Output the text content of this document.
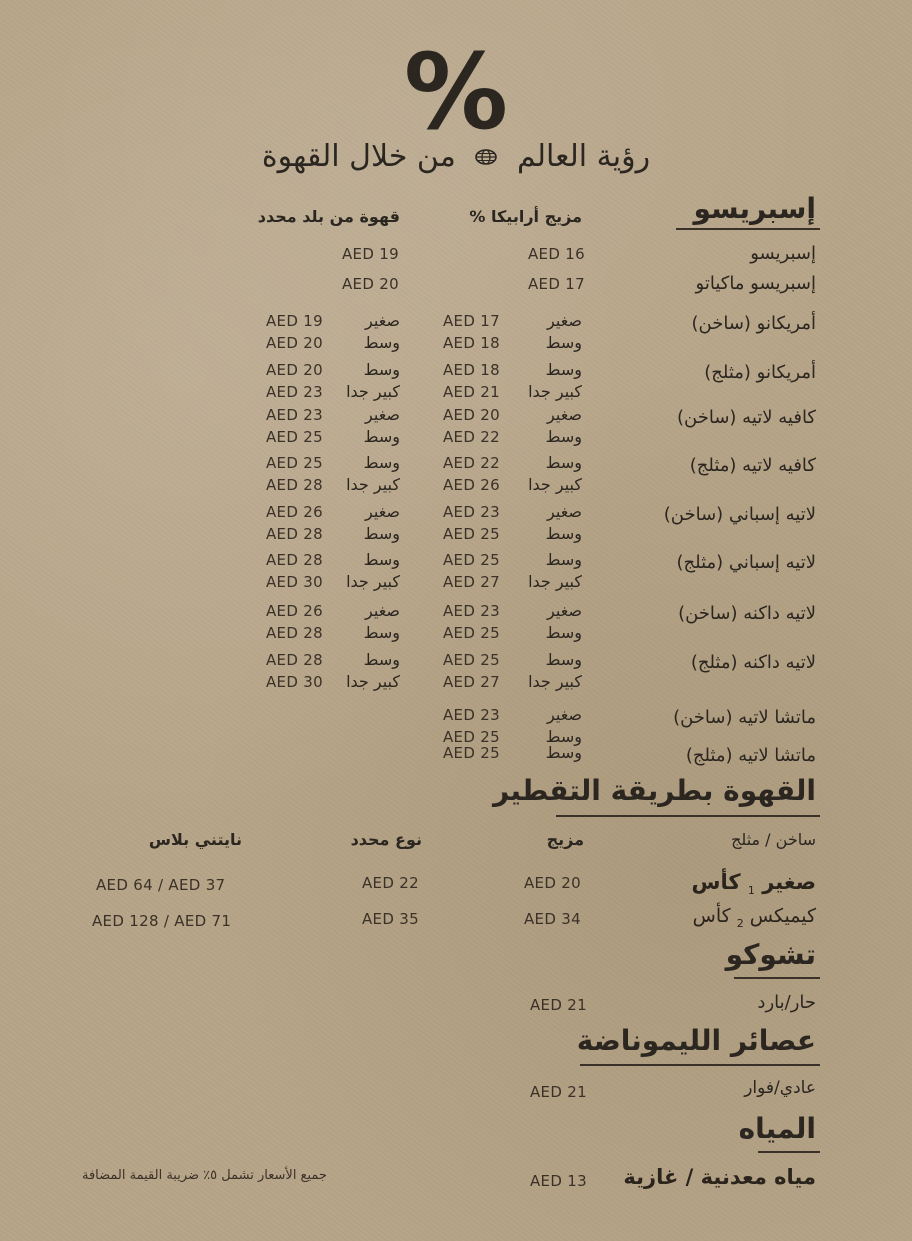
%
رؤية العالم  من خلال القهوة
إسبريسو
مزيج أرابيكا %
قهوة من بلد محدد
إسبريسو
AED 16
AED 19
إسبريسو ماكياتو
AED 17
AED 20
أمريكانو (ساخن)
صغير
AED 17
وسط
AED 18
صغير
AED 19
وسط
AED 20
أمريكانو (مثلج)
وسط
AED 18
كبير جدا
AED 21
وسط
AED 20
كبير جدا
AED 23
كافيه لاتيه (ساخن)
صغير
AED 20
وسط
AED 22
صغير
AED 23
وسط
AED 25
كافيه لاتيه (مثلج)
وسط
AED 22
كبير جدا
AED 26
وسط
AED 25
كبير جدا
AED 28
لاتيه إسباني (ساخن)
صغير
AED 23
وسط
AED 25
صغير
AED 26
وسط
AED 28
لاتيه إسباني (مثلج)
وسط
AED 25
كبير جدا
AED 27
وسط
AED 28
كبير جدا
AED 30
لاتيه داكنه (ساخن)
صغير
AED 23
وسط
AED 25
صغير
AED 26
وسط
AED 28
لاتيه داكنه (مثلج)
وسط
AED 25
كبير جدا
AED 27
وسط
AED 28
كبير جدا
AED 30
ماتشا لاتيه (ساخن)
صغير
AED 23
وسط
AED 25
ماتشا لاتيه (مثلج)
وسط
AED 25
القهوة بطريقة التقطير
ساخن / مثلج
مزيج
نوع محدد
نايتني بلاس
صغير $_1$ كأس
AED 20
AED 22
AED 64 / AED 37
كيميكس $_2$ كأس
AED 34
AED 35
AED 128 / AED 71
تشوكو
حار/بارد
AED 21
عصائر الليموناضة
عادي/فوار
AED 21
المياه
مياه معدنية / غازية
AED 13
جميع الأسعار تشمل ٥٪ ضريبة القيمة المضافة
